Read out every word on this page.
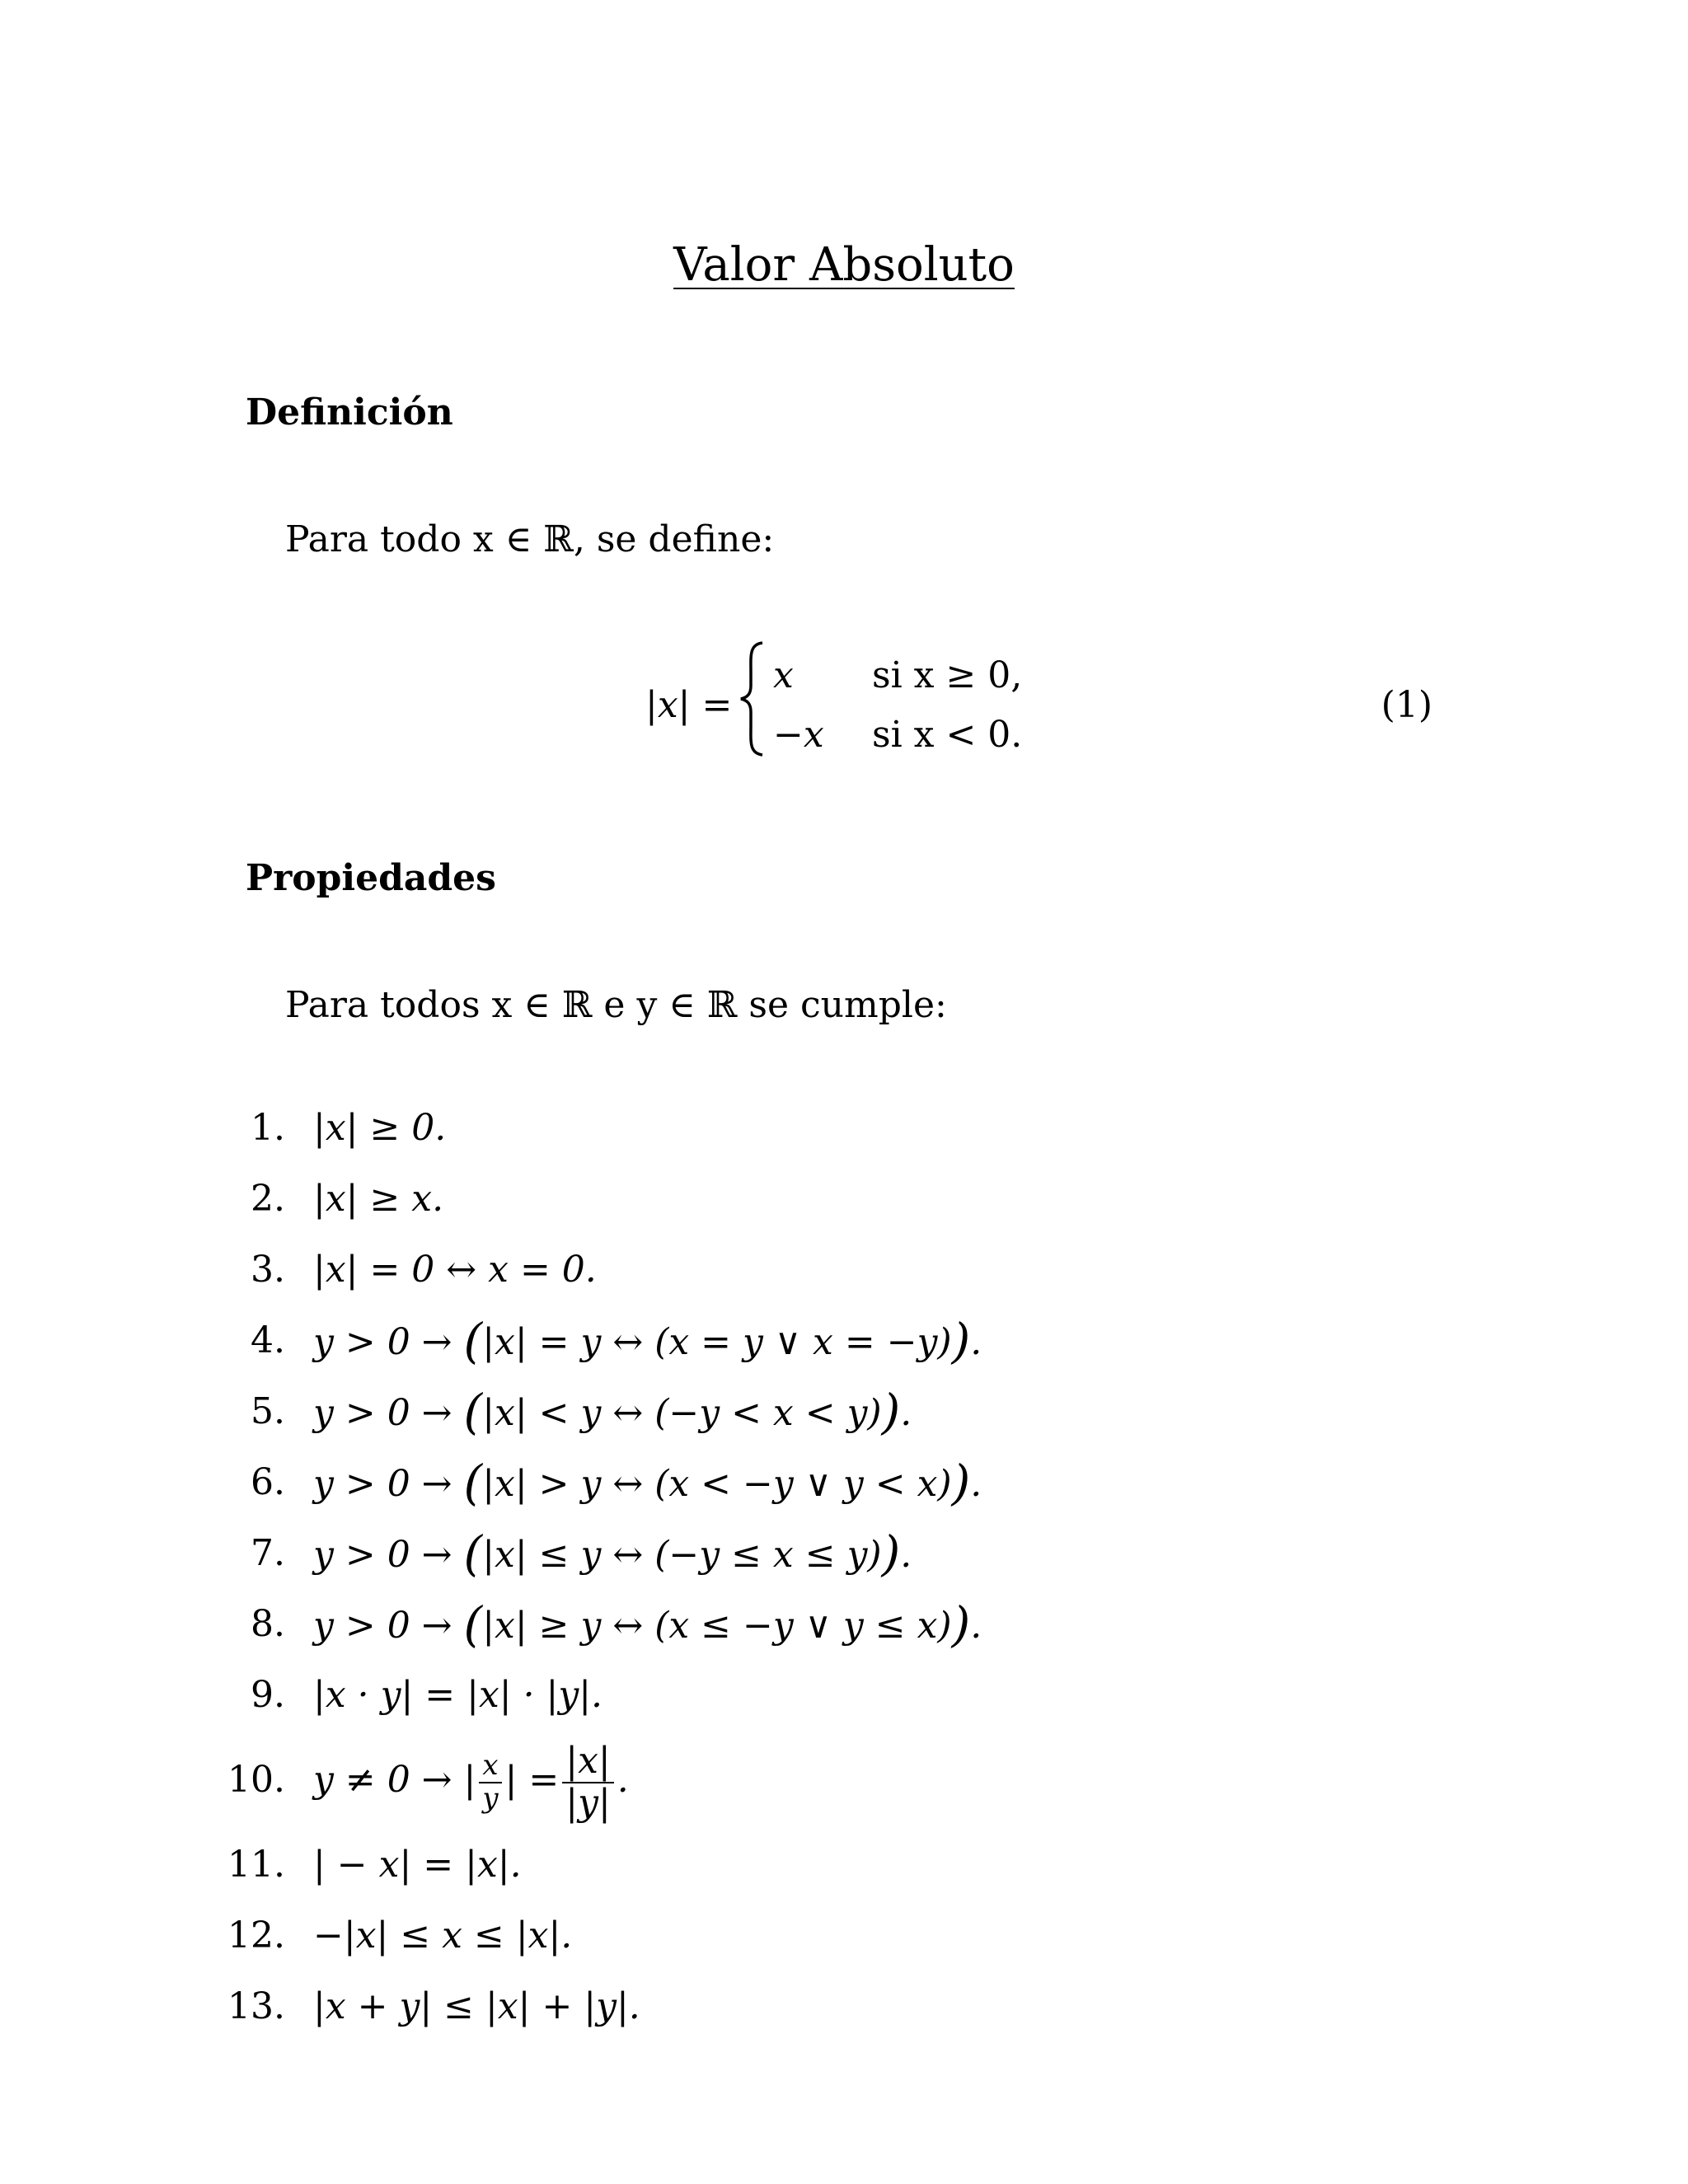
Valor Absoluto
Definición
Para todo x ∈ ℝ, se define:
|x| =
x si x ≥ 0,
−x si x < 0.
(1)
Propiedades
Para todos x ∈ ℝ e y ∈ ℝ se cumple:
1. |x| ≥ 0.
2. |x| ≥ x.
3. |x| = 0 ↔ x = 0.
4. y > 0 → (|x| = y ↔ (x = y ∨ x = −y)).
5. y > 0 → (|x| < y ↔ (−y < x < y)).
6. y > 0 → (|x| > y ↔ (x < −y ∨ y < x)).
7. y > 0 → (|x| ≤ y ↔ (−y ≤ x ≤ y)).
8. y > 0 → (|x| ≥ y ↔ (x ≤ −y ∨ y ≤ x)).
9. |x · y| = |x| · |y|.
10. y ≠ 0 → | $\frac{x}{y}$ | = $\frac{|x|}{|y|}$ .
11. | − x| = |x|.
12. −|x| ≤ x ≤ |x|.
13. |x + y| ≤ |x| + |y|.
